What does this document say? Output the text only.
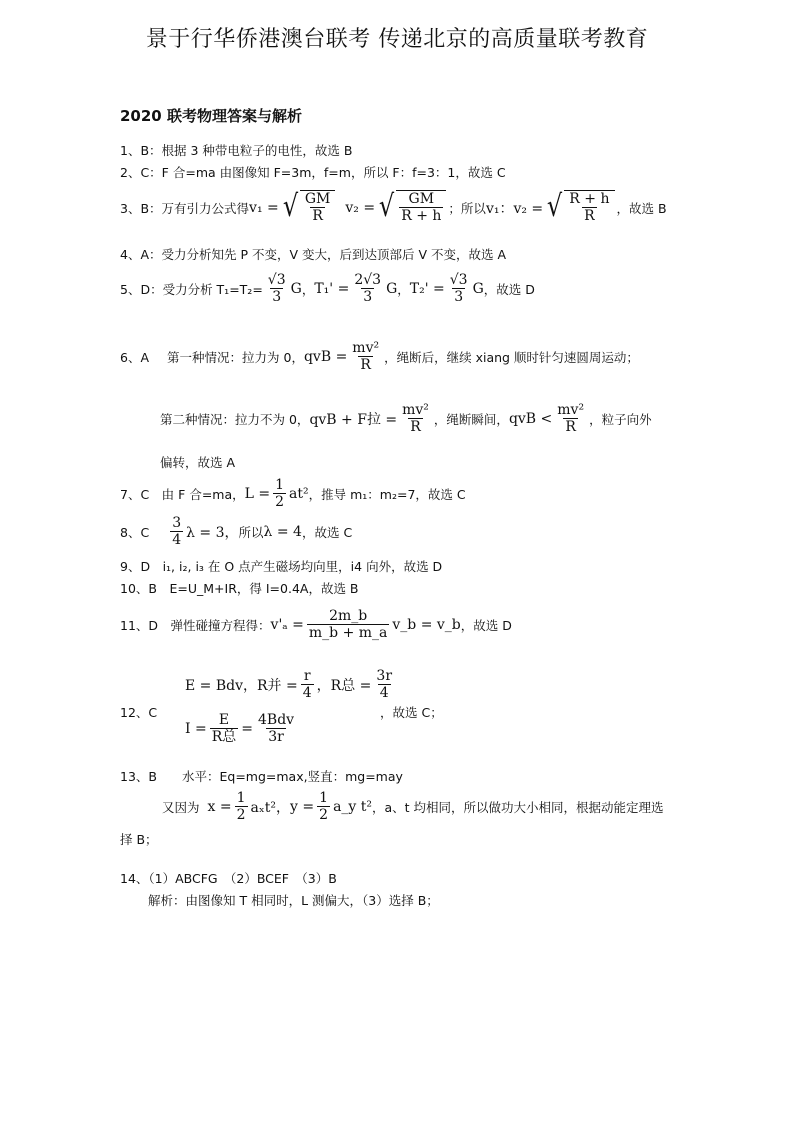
景于行华侨港澳台联考 传递北京的高质量联考教育
2020 联考物理答案与解析
1、B：根据 3 种带电粒子的电性，故选 B
2、C：F 合=ma 由图像知 F=3m，f=m，所以 F：f=3：1，故选 C
3、B：万有引力公式得 v₁ = √ $\frac{GM}{R} v_2$ = √ $\frac{GM}{R + h}$ ；所以 v₁：v₂ = √ $\frac{R + h}{R}$ ，故选 B
4、A：受力分析知先 P 不变，V 变大，后到达顶部后 V 不变，故选 A
5、D：受力分析 $T_1=T_2= \frac{√3}{3}$ G ， $T_1' = \frac{2√3}{3}$ G ， $T_2' = \frac{√3}{3}$ G ，故选 D
6、A 第一种情况：拉力为 0， qvB = $\frac{\text{mv²}}{R}$ ，绳断后，继续 xiang 顺时针匀速圆周运动；
第二种情况：拉力不为 0， qvB + F拉 = $\frac{\text{mv²}}{R}$ ，绳断瞬间， qvB < $\frac{\text{mv²}}{R}$ ，粒子向外
偏转，故选 A
7、C　由 F 合=ma， $L = \frac{1}{2} at^2$ ，推导 m₁：m₂=7，故选 C
8、C $\frac{3}{4}$ λ = 3， 所以 λ = 4 ，故选 C
9、D　i₁, i₂, i₃ 在 O 点产生磁场均向里，i4 向外，故选 D
10、B　E=U_M+IR，得 I=0.4A，故选 B
11、D　弹性碰撞方程得： $v'_a = \frac{2m\_b}{m\_b + m\_a}$ v_b = v_b ，故选 D
12、C
E = Bdv， R并 = $\frac{r}{4}$ ，R总 = $\frac{3r}{4}$
$I = \frac{E}{\text{R总}} = \frac{\text{4Bdv}}{3r}$	，故选 C；
13、B　　水平：Eq=mg=max,竖直：mg=may
又因为 $x = \frac{1}{2} a_xt^2$， $y = \frac{1}{2}$ a_y t² ，a、t 均相同，所以做功大小相同，根据动能定理选
择 B；
14、（1）ABCFG　（2）BCEF　（3）B
解析：由图像知 T 相同时，L 测偏大，（3）选择 B；
